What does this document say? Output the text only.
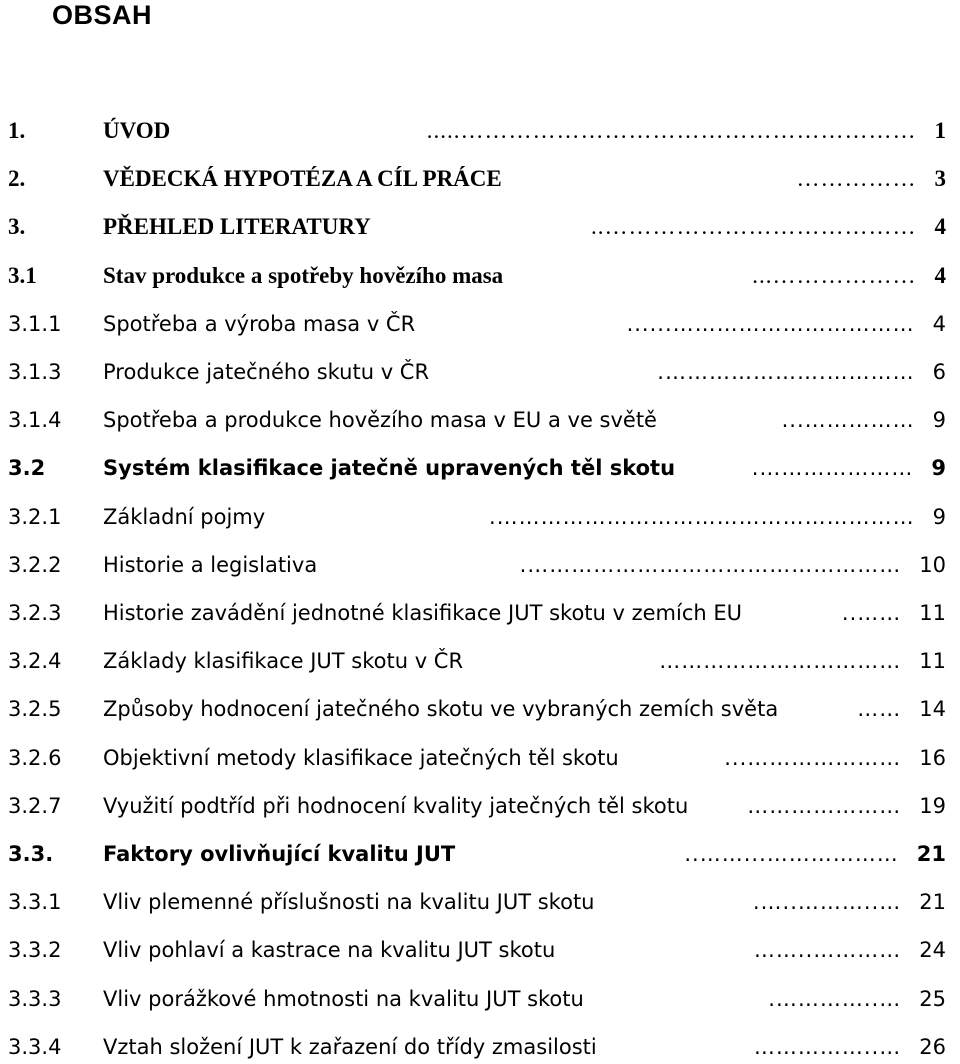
OBSAH
1.	ÚVOD	…………………………………………………..... 1
2.	VĚDECKÁ HYPOTÉZA A CÍL PRÁCE	…………… 3
3.	PŘEHLED LITERATURY	………………………………….. 4
3.1	Stav produkce a spotřeby hovězího masa	………………... 4
3.1.1 Spotřeba a výroba masa v ČR	……………………………...... 4
3.1.3 Produkce jatečného skutu v ČR	………….…………………. 6
3.1.4 Spotřeba a produkce hovězího masa v EU a ve světě	……………... 9
3.2	Systém klasifikace jatečně upravených těl skotu	…………………. 9
3.2.1 Základní pojmy	…………………………………………………. 9
3.2.2 Historie a legislativa	……………………………………………. 10
3.2.3 Historie zavádění jednotné klasifikace JUT skotu v zemích EU	…….. 11
3.2.4 Základy klasifikace JUT skotu v ČR	…………………………… 11
3.2.5 Způsoby hodnocení jatečného skotu ve vybraných zemích světa	…… 14
3.2.6 Objektivní metody klasifikace jatečných těl skotu	…………………... 16
3.2.7 Využití podtříd při hodnocení kvality jatečných těl skotu	………………… 19
3.3. Faktory ovlivňující kvalitu JUT	………………...…….. 21
3.3.1 Vliv plemenné příslušnosti na kvalitu JUT skotu	…..………..…. 21
3.3.2 Vliv pohlaví a kastrace na kvalitu JUT skotu	…………..…… 24
3.3.3 Vliv porážkové hmotnosti na kvalitu JUT skotu	…..…………. 25
3.3.4 Vztah složení JUT k zařazení do třídy zmasilosti	…..…………… 26
